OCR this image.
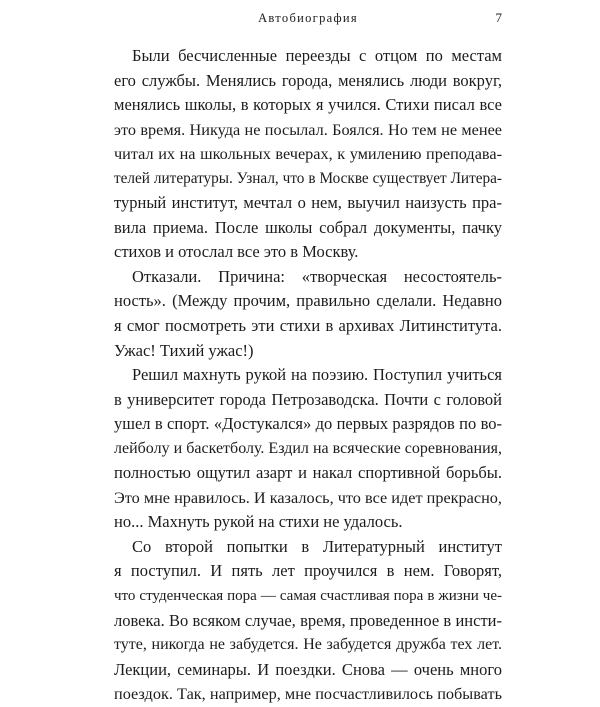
Автобиография	7

Были бесчисленные переезды с отцом по местам
его службы. Менялись города, менялись люди вокруг,
менялись школы, в которых я учился. Стихи писал все
это время. Никуда не посылал. Боялся. Но тем не менее
читал их на школьных вечерах, к умилению преподава-
телей литературы. Узнал, что в Москве существует Литера-
турный институт, мечтал о нем, выучил наизусть пра-
вила приема. После школы собрал документы, пачку
стихов и отослал все это в Москву.

Отказали. Причина: «творческая несостоятель-
ность». (Между прочим, правильно сделали. Недавно
я смог посмотреть эти стихи в архивах Литинститута.
Ужас! Тихий ужас!)

Решил махнуть рукой на поэзию. Поступил учиться
в университет города Петрозаводска. Почти с головой
ушел в спорт. «Достукался» до первых разрядов по во-
лейболу и баскетболу. Ездил на всяческие соревнования,
полностью ощутил азарт и накал спортивной борьбы.
Это мне нравилось. И казалось, что все идет прекрасно,
но... Махнуть рукой на стихи не удалось.

Со второй попытки в Литературный институт
я поступил. И пять лет проучился в нем. Говорят,
что студенческая пора — самая счастливая пора в жизни че-
ловека. Во всяком случае, время, проведенное в инсти-
туте, никогда не забудется. Не забудется дружба тех лет.
Лекции, семинары. И поездки. Снова — очень много
поездок. Так, например, мне посчастливилось побывать
